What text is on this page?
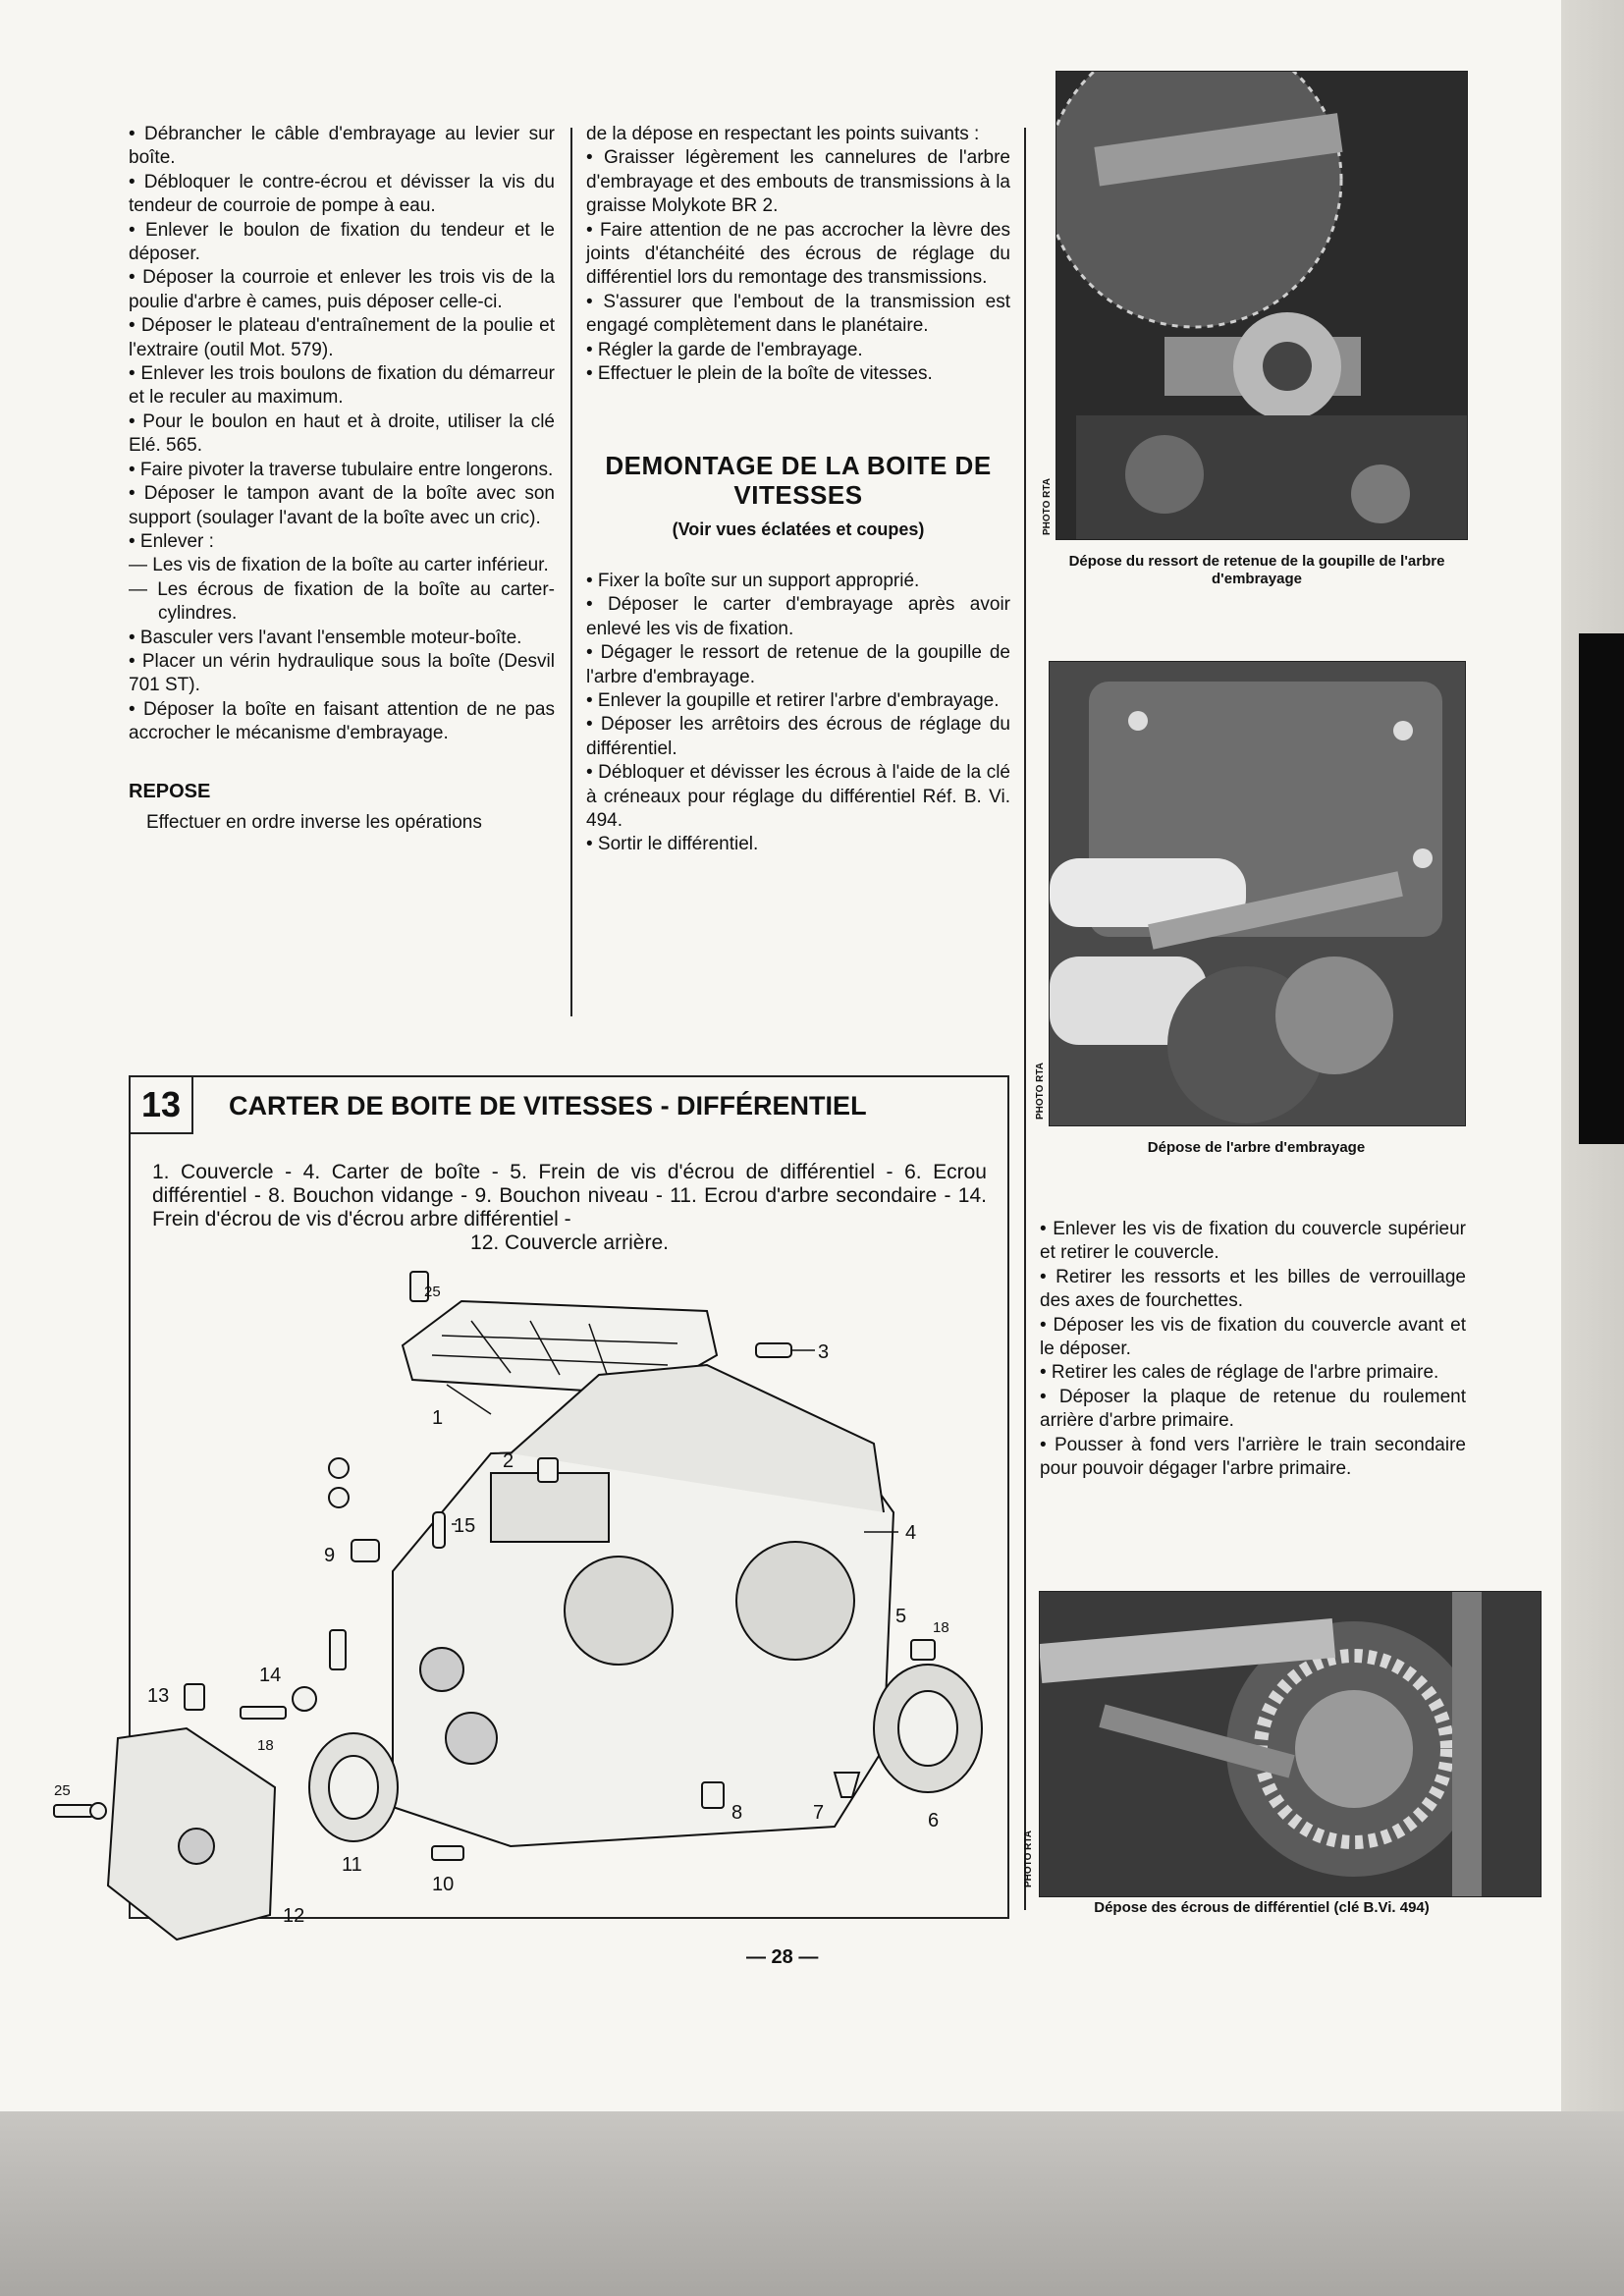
• Débrancher le câble d'embrayage au levier sur boîte.

• Débloquer le contre-écrou et dévisser la vis du tendeur de courroie de pompe à eau.

• Enlever le boulon de fixation du tendeur et le déposer.

• Déposer la courroie et enlever les trois vis de la poulie d'arbre è cames, puis déposer celle-ci.

• Déposer le plateau d'entraînement de la poulie et l'extraire (outil Mot. 579).

• Enlever les trois boulons de fixation du démarreur et le reculer au maximum.

• Pour le boulon en haut et à droite, utiliser la clé Elé. 565.

• Faire pivoter la traverse tubulaire entre longerons.

• Déposer le tampon avant de la boîte avec son support (soulager l'avant de la boîte avec un cric).

• Enlever :

— Les vis de fixation de la boîte au carter inférieur.

— Les écrous de fixation de la boîte au carter-cylindres.

• Basculer vers l'avant l'ensemble moteur-boîte.

• Placer un vérin hydraulique sous la boîte (Desvil 701 ST).

• Déposer la boîte en faisant attention de ne pas accrocher le mécanisme d'embrayage.

REPOSE

Effectuer en ordre inverse les opérations

de la dépose en respectant les points suivants :

• Graisser légèrement les cannelures de l'arbre d'embrayage et des embouts de transmissions à la graisse Molykote BR 2.

• Faire attention de ne pas accrocher la lèvre des joints d'étanchéité des écrous de réglage du différentiel lors du remontage des transmissions.

• S'assurer que l'embout de la transmission est engagé complètement dans le planétaire.

• Régler la garde de l'embrayage.

• Effectuer le plein de la boîte de vitesses.

DEMONTAGE DE LA BOITE DE VITESSES
(Voir vues éclatées et coupes)

• Fixer la boîte sur un support approprié.

• Déposer le carter d'embrayage après avoir enlevé les vis de fixation.

• Dégager le ressort de retenue de la goupille de l'arbre d'embrayage.

• Enlever la goupille et retirer l'arbre d'embrayage.

• Déposer les arrêtoirs des écrous de réglage du différentiel.

• Débloquer et dévisser les écrous à l'aide de la clé à créneaux pour réglage du différentiel Réf. B. Vi. 494.

• Sortir le différentiel.

PHOTO RTA
Dépose du ressort de retenue de la goupille de l'arbre d'embrayage
PHOTO RTA
Dépose de l'arbre d'embrayage

• Enlever les vis de fixation du couvercle supérieur et retirer le couvercle.

• Retirer les ressorts et les billes de verrouillage des axes de fourchettes.

• Déposer les vis de fixation du couvercle avant et le déposer.

• Retirer les cales de réglage de l'arbre primaire.

• Déposer la plaque de retenue du roulement arrière d'arbre primaire.

• Pousser à fond vers l'arrière le train secondaire pour pouvoir dégager l'arbre primaire.

PHOTO RTA
Dépose des écrous de différentiel (clé B.Vi. 494)
13	CARTER DE BOITE DE VITESSES - DIFFÉRENTIEL
1. Couvercle - 4. Carter de boîte - 5. Frein de vis d'écrou de différentiel - 6. Ecrou différentiel - 8. Bouchon vidange - 9. Bouchon niveau - 11. Ecrou d'arbre secondaire - 14. Frein d'écrou de vis d'écrou arbre différentiel -
12. Couvercle arrière.
1
2
3
4
5
6
7
8
9
10
11
12
13
14
15
25
25
18
18
— 28 —
